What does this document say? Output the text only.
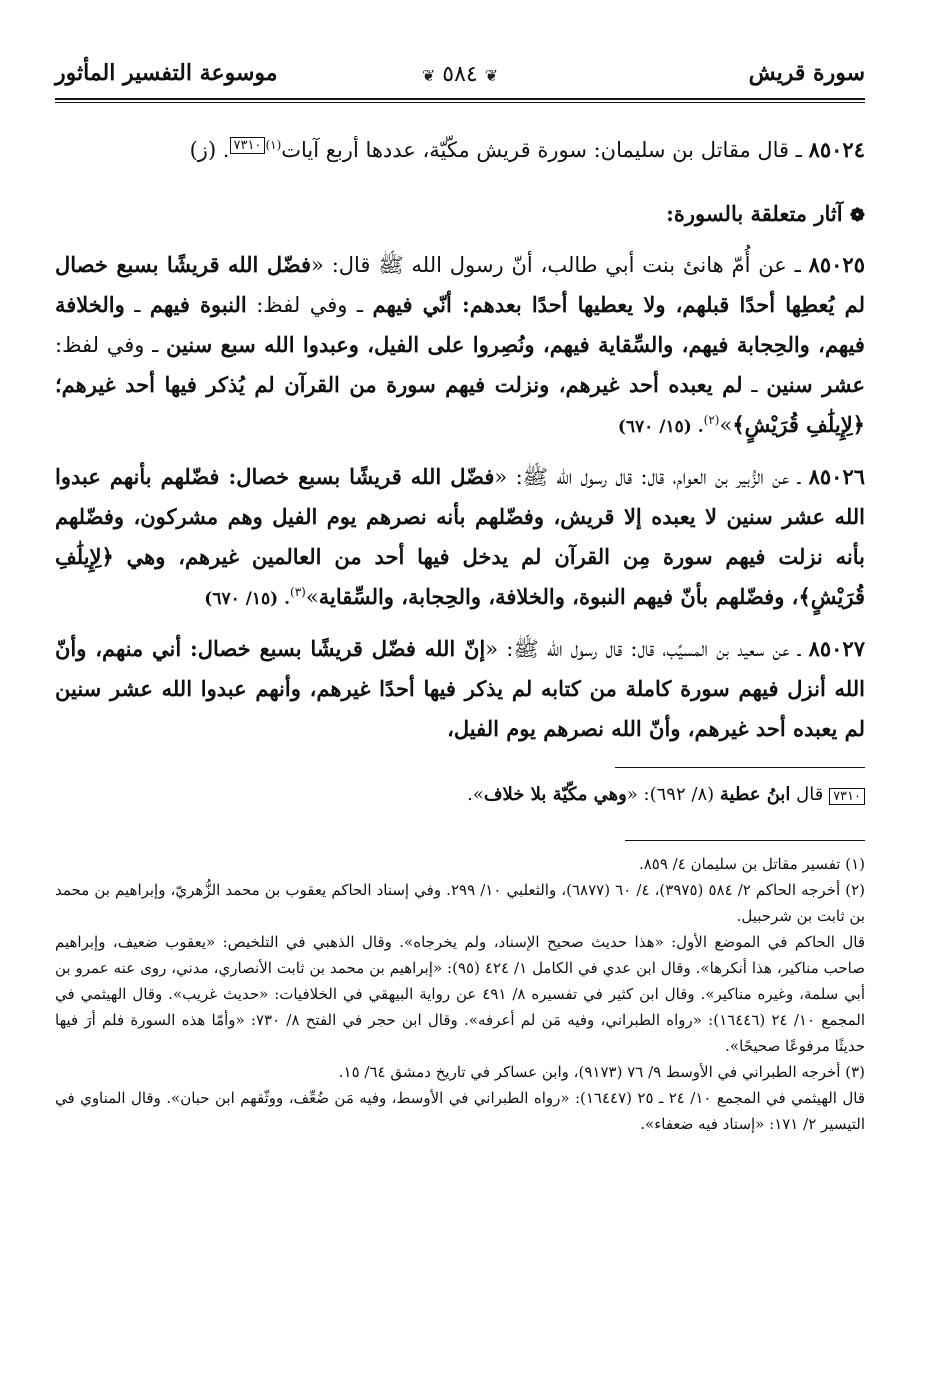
سورة قريش
❦ ٥٨٤ ❦
موسوعة التفسير المأثور

٨٥٠٢٤ ـ قال مقاتل بن سليمان: سورة قريش مكّيّة، عددها أربع آيات$^{(١)٧٣١٠}$. (ز)

❁ آثار متعلقة بالسورة:

٨٥٠٢٥ ـ عن أُمّ هانئ بنت أبي طالب، أنّ رسول الله ﷺ قال: «فضّل الله قريشًا بسبع خصال لم يُعطِها أحدًا قبلهم، ولا يعطيها أحدًا بعدهم: أنّي فيهم ـ وفي لفظ: النبوة فيهم ـ والخلافة فيهم، والحِجابة فيهم، والسِّقاية فيهم، ونُصِروا على الفيل، وعبدوا الله سبع سنين ـ وفي لفظ: عشر سنين ـ لم يعبده أحد غيرهم، ونزلت فيهم سورة من القرآن لم يُذكر فيها أحد غيرهم؛ ﴿لِإِيلَٰفِ قُرَيْشٍ﴾»$^{(٢)}$. (١٥/ ٦٧٠)

٨٥٠٢٦ ـ عن الزُّبير بن العوام، قال: قال رسول الله ﷺ: «فضّل الله قريشًا بسبع خصال: فضّلهم بأنهم عبدوا الله عشر سنين لا يعبده إلا قريش، وفضّلهم بأنه نصرهم يوم الفيل وهم مشركون، وفضّلهم بأنه نزلت فيهم سورة مِن القرآن لم يدخل فيها أحد من العالمين غيرهم، وهي ﴿لِإِيلَٰفِ قُرَيْشٍ﴾، وفضّلهم بأنّ فيهم النبوة، والخلافة، والحِجابة، والسِّقاية»$^{(٣)}$. (١٥/ ٦٧٠)

٨٥٠٢٧ ـ عن سعيد بن المسيِّب، قال: قال رسول الله ﷺ: «إنّ الله فضّل قريشًا بسبع خصال: أني منهم، وأنّ الله أنزل فيهم سورة كاملة من كتابه لم يذكر فيها أحدًا غيرهم، وأنهم عبدوا الله عشر سنين لم يعبده أحد غيرهم، وأنّ الله نصرهم يوم الفيل،

٧٣١٠ قال ابنُ عطية (٨/ ٦٩٢): «وهي مكّيّة بلا خلاف».

(١) تفسير مقاتل بن سليمان ٤/ ٨٥٩.

(٢) أخرجه الحاكم ٢/ ٥٨٤ (٣٩٧٥)، ٤/ ٦٠ (٦٨٧٧)، والثعلبي ١٠/ ٢٩٩. وفي إسناد الحاكم يعقوب بن محمد الزُّهريّ، وإبراهيم بن محمد بن ثابت بن شرحبيل.

قال الحاكم في الموضع الأول: «هذا حديث صحيح الإسناد، ولم يخرجاه». وقال الذهبي في التلخيص: «يعقوب ضعيف، وإبراهيم صاحب مناكير، هذا أنكرها». وقال ابن عدي في الكامل ١/ ٤٢٤ (٩٥): «إبراهيم بن محمد بن ثابت الأنصاري، مدني، روى عنه عمرو بن أبي سلمة، وغيره مناكير». وقال ابن كثير في تفسيره ٨/ ٤٩١ عن رواية البيهقي في الخلافيات: «حديث غريب». وقال الهيثمي في المجمع ١٠/ ٢٤ (١٦٤٤٦): «رواه الطبراني، وفيه مَن لم أعرفه». وقال ابن حجر في الفتح ٨/ ٧٣٠: «وأمّا هذه السورة فلم أرَ فيها حديثًا مرفوعًا صحيحًا».

(٣) أخرجه الطبراني في الأوسط ٩/ ٧٦ (٩١٧٣)، وابن عساكر في تاريخ دمشق ٦٤/ ١٥.

قال الهيثمي في المجمع ١٠/ ٢٤ ـ ٢٥ (١٦٤٤٧): «رواه الطبراني في الأوسط، وفيه مَن ضُعِّف، ووثّقهم ابن حبان». وقال المناوي في التيسير ٢/ ١٧١: «إسناد فيه ضعفاء».
